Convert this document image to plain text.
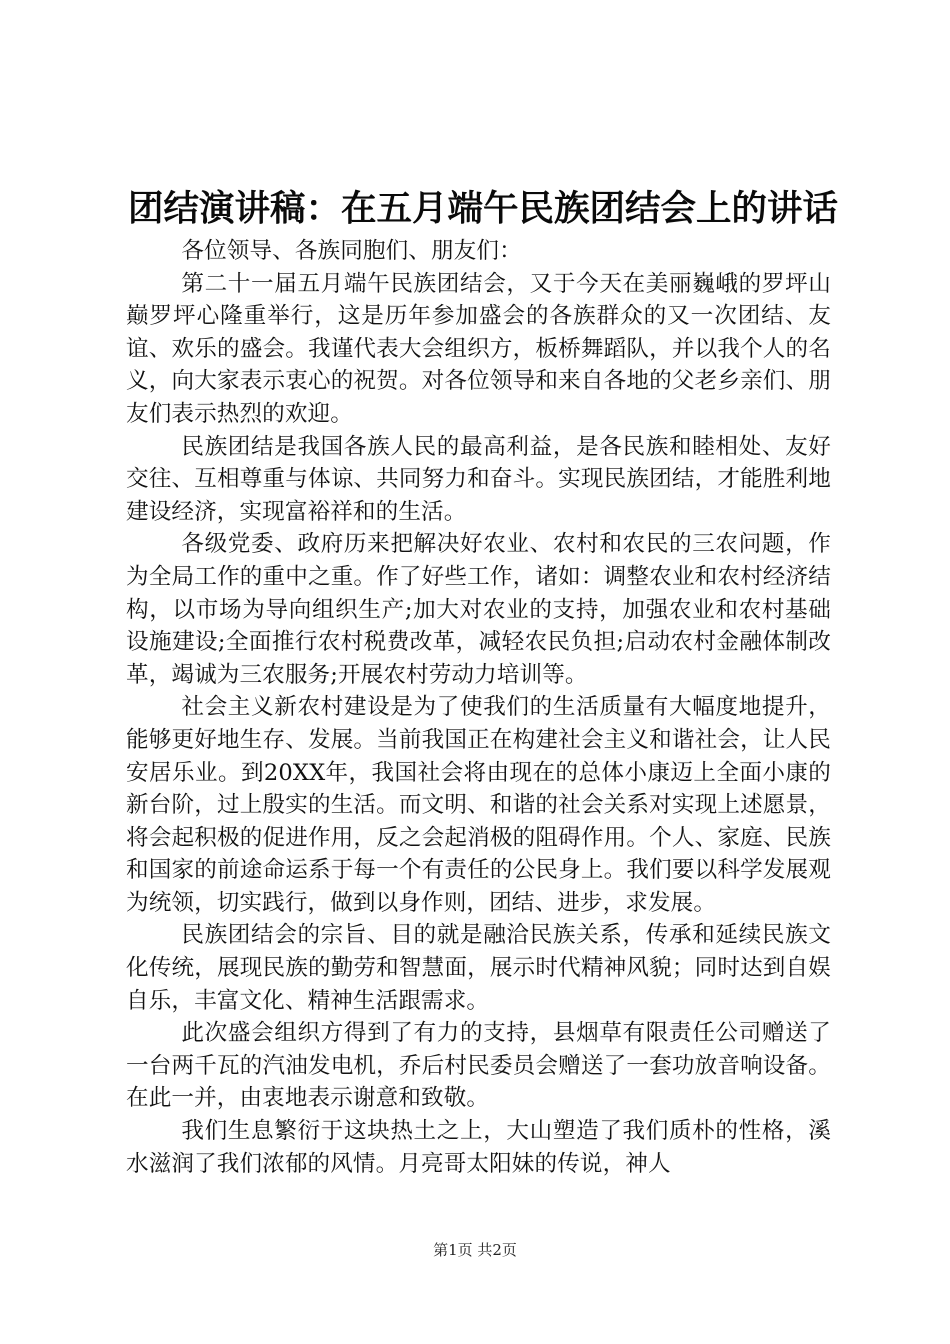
团结演讲稿：在五月端午民族团结会上的讲话

各位领导、各族同胞们、朋友们：

第二十一届五月端午民族团结会，又于今天在美丽巍峨的罗坪山巅罗坪心隆重举行，这是历年参加盛会的各族群众的又一次团结、友谊、欢乐的盛会。我谨代表大会组织方，板桥舞蹈队，并以我个人的名义，向大家表示衷心的祝贺。对各位领导和来自各地的父老乡亲们、朋友们表示热烈的欢迎。

民族团结是我国各族人民的最高利益，是各民族和睦相处、友好交往、互相尊重与体谅、共同努力和奋斗。实现民族团结，才能胜利地建设经济，实现富裕祥和的生活。

各级党委、政府历来把解决好农业、农村和农民的三农问题，作为全局工作的重中之重。作了好些工作，诸如：调整农业和农村经济结构，以市场为导向组织生产;加大对农业的支持，加强农业和农村基础设施建设;全面推行农村税费改革，减轻农民负担;启动农村金融体制改革，竭诚为三农服务;开展农村劳动力培训等。

社会主义新农村建设是为了使我们的生活质量有大幅度地提升，能够更好地生存、发展。当前我国正在构建社会主义和谐社会，让人民安居乐业。到20XX年，我国社会将由现在的总体小康迈上全面小康的新台阶，过上殷实的生活。而文明、和谐的社会关系对实现上述愿景，将会起积极的促进作用，反之会起消极的阻碍作用。个人、家庭、民族和国家的前途命运系于每一个有责任的公民身上。我们要以科学发展观为统领，切实践行，做到以身作则，团结、进步，求发展。

民族团结会的宗旨、目的就是融洽民族关系，传承和延续民族文化传统，展现民族的勤劳和智慧面，展示时代精神风貌；同时达到自娱自乐，丰富文化、精神生活跟需求。

此次盛会组织方得到了有力的支持，县烟草有限责任公司赠送了一台两千瓦的汽油发电机，乔后村民委员会赠送了一套功放音响设备。在此一并，由衷地表示谢意和致敬。

我们生息繁衍于这块热土之上，大山塑造了我们质朴的性格，溪水滋润了我们浓郁的风情。月亮哥太阳妹的传说，神人

第1页 共2页
